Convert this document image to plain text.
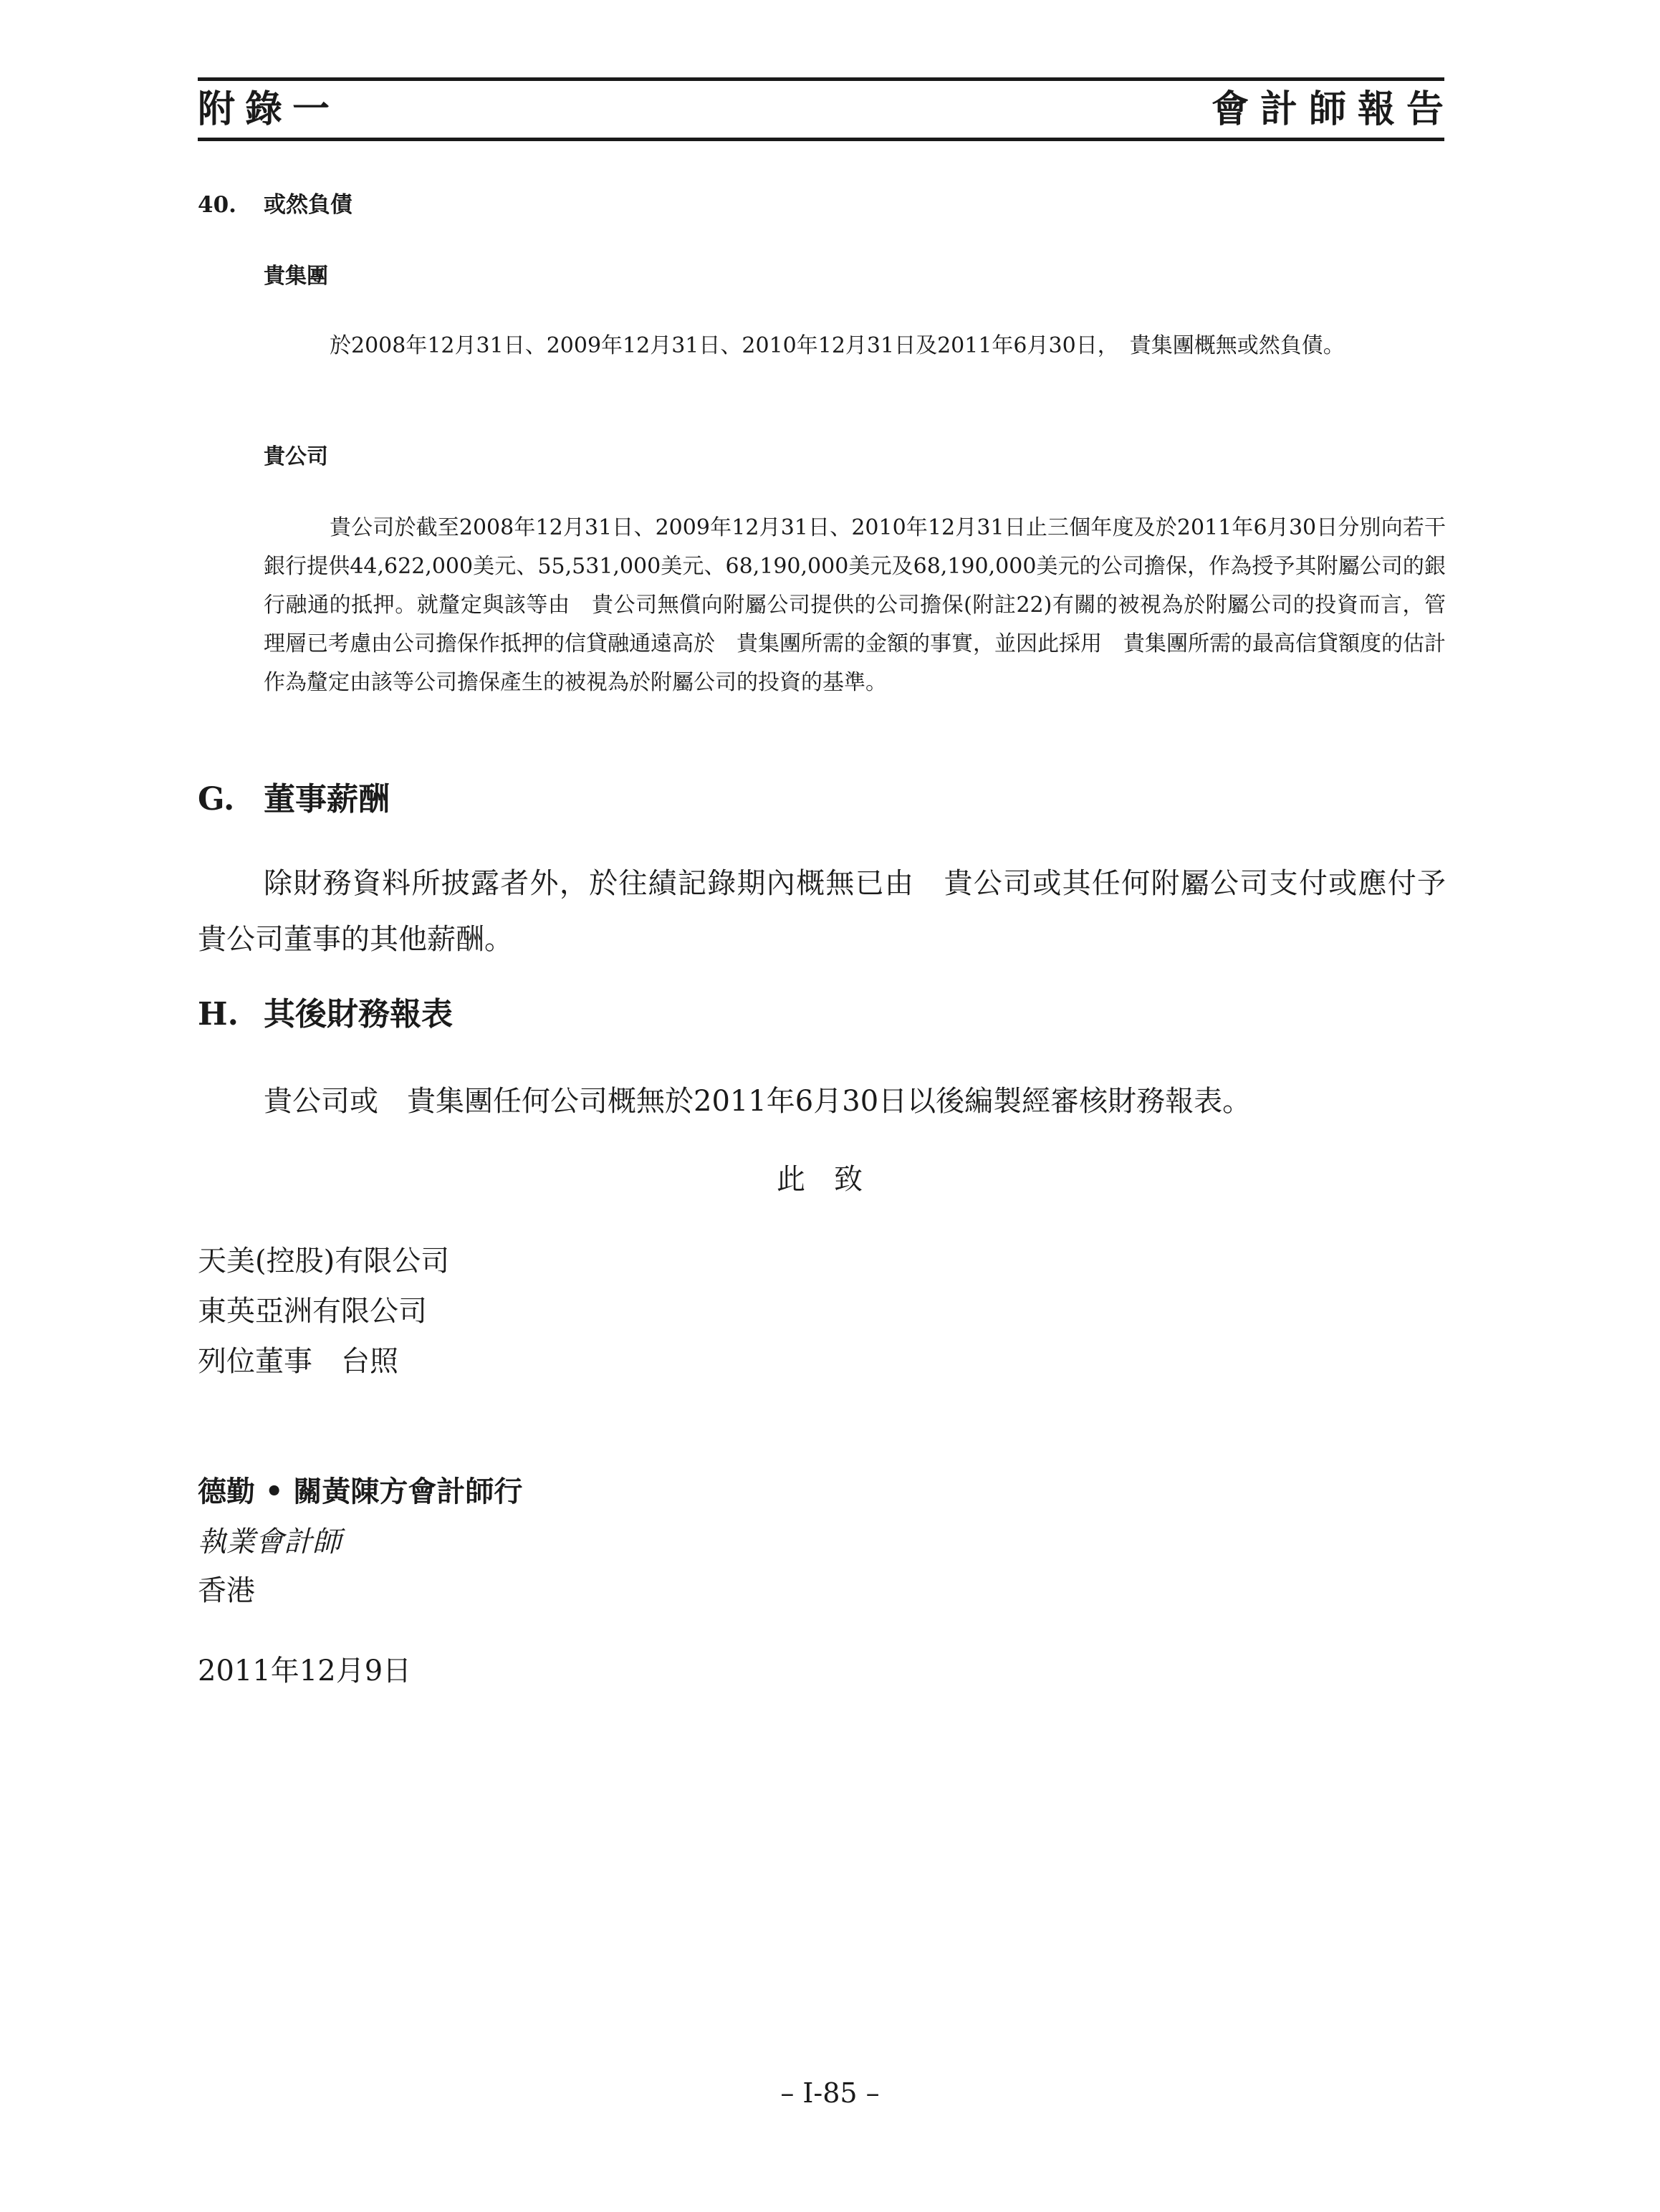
附錄一	會計師報告
40. 或然負債
貴集團
於2008年12月31日、2009年12月31日、2010年12月31日及2011年6月30日，　貴集團概無或然負債。
貴公司
貴公司於截至2008年12月31日、2009年12月31日、2010年12月31日止三個年度及於2011年6月30日分別向若干銀行提供44,622,000美元、55,531,000美元、68,190,000美元及68,190,000美元的公司擔保，作為授予其附屬公司的銀行融通的抵押。就釐定與該等由　貴公司無償向附屬公司提供的公司擔保(附註22)有關的被視為於附屬公司的投資而言，管理層已考慮由公司擔保作抵押的信貸融通遠高於　貴集團所需的金額的事實，並因此採用　貴集團所需的最高信貸額度的估計作為釐定由該等公司擔保產生的被視為於附屬公司的投資的基準。
G. 董事薪酬
除財務資料所披露者外，於往績記錄期內概無已由　貴公司或其任何附屬公司支付或應付予　貴公司董事的其他薪酬。
H. 其後財務報表
貴公司或　貴集團任何公司概無於2011年6月30日以後編製經審核財務報表。
此致
天美(控股)有限公司
東英亞洲有限公司
列位董事　台照
德勤 • 關黃陳方會計師行
執業會計師
香港
2011年12月9日
– I-85 –
